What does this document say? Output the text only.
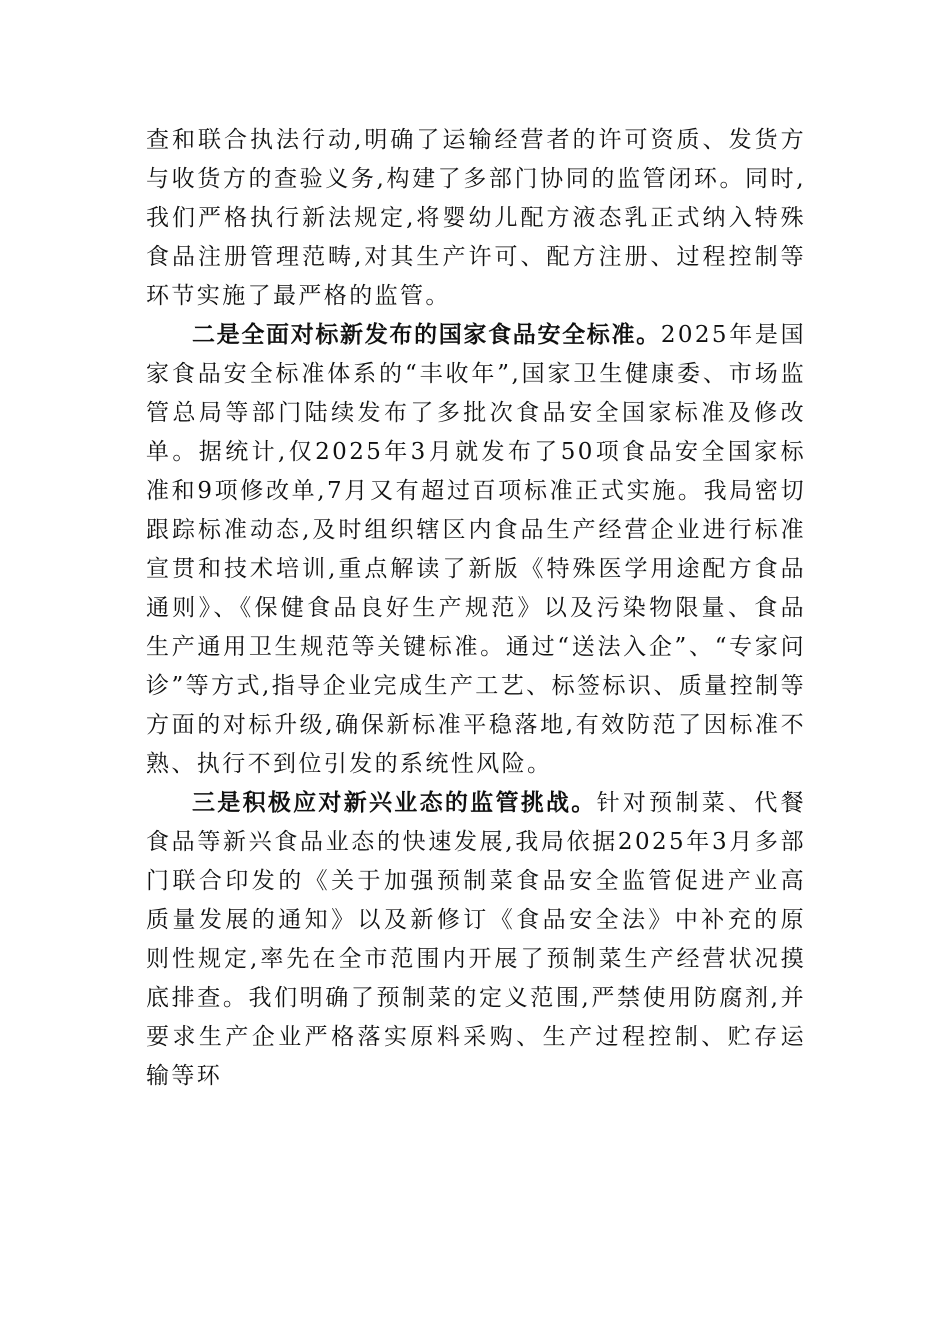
查和联合执法行动,明确了运输经营者的许可资质、发货方与收货方的查验义务,构建了多部门协同的监管闭环。同时,我们严格执行新法规定,将婴幼儿配方液态乳正式纳入特殊食品注册管理范畴,对其生产许可、配方注册、过程控制等环节实施了最严格的监管。

二是全面对标新发布的国家食品安全标准。2025年是国家食品安全标准体系的“丰收年”,国家卫生健康委、市场监管总局等部门陆续发布了多批次食品安全国家标准及修改单。据统计,仅2025年3月就发布了50项食品安全国家标准和9项修改单,7月又有超过百项标准正式实施。我局密切跟踪标准动态,及时组织辖区内食品生产经营企业进行标准宣贯和技术培训,重点解读了新版《特殊医学用途配方食品通则》、《保健食品良好生产规范》以及污染物限量、食品生产通用卫生规范等关键标准。通过“送法入企”、“专家问诊”等方式,指导企业完成生产工艺、标签标识、质量控制等方面的对标升级,确保新标准平稳落地,有效防范了因标准不熟、执行不到位引发的系统性风险。

三是积极应对新兴业态的监管挑战。针对预制菜、代餐食品等新兴食品业态的快速发展,我局依据2025年3月多部门联合印发的《关于加强预制菜食品安全监管促进产业高质量发展的通知》以及新修订《食品安全法》中补充的原则性规定,率先在全市范围内开展了预制菜生产经营状况摸底排查。我们明确了预制菜的定义范围,严禁使用防腐剂,并要求生产企业严格落实原料采购、生产过程控制、贮存运输等环
